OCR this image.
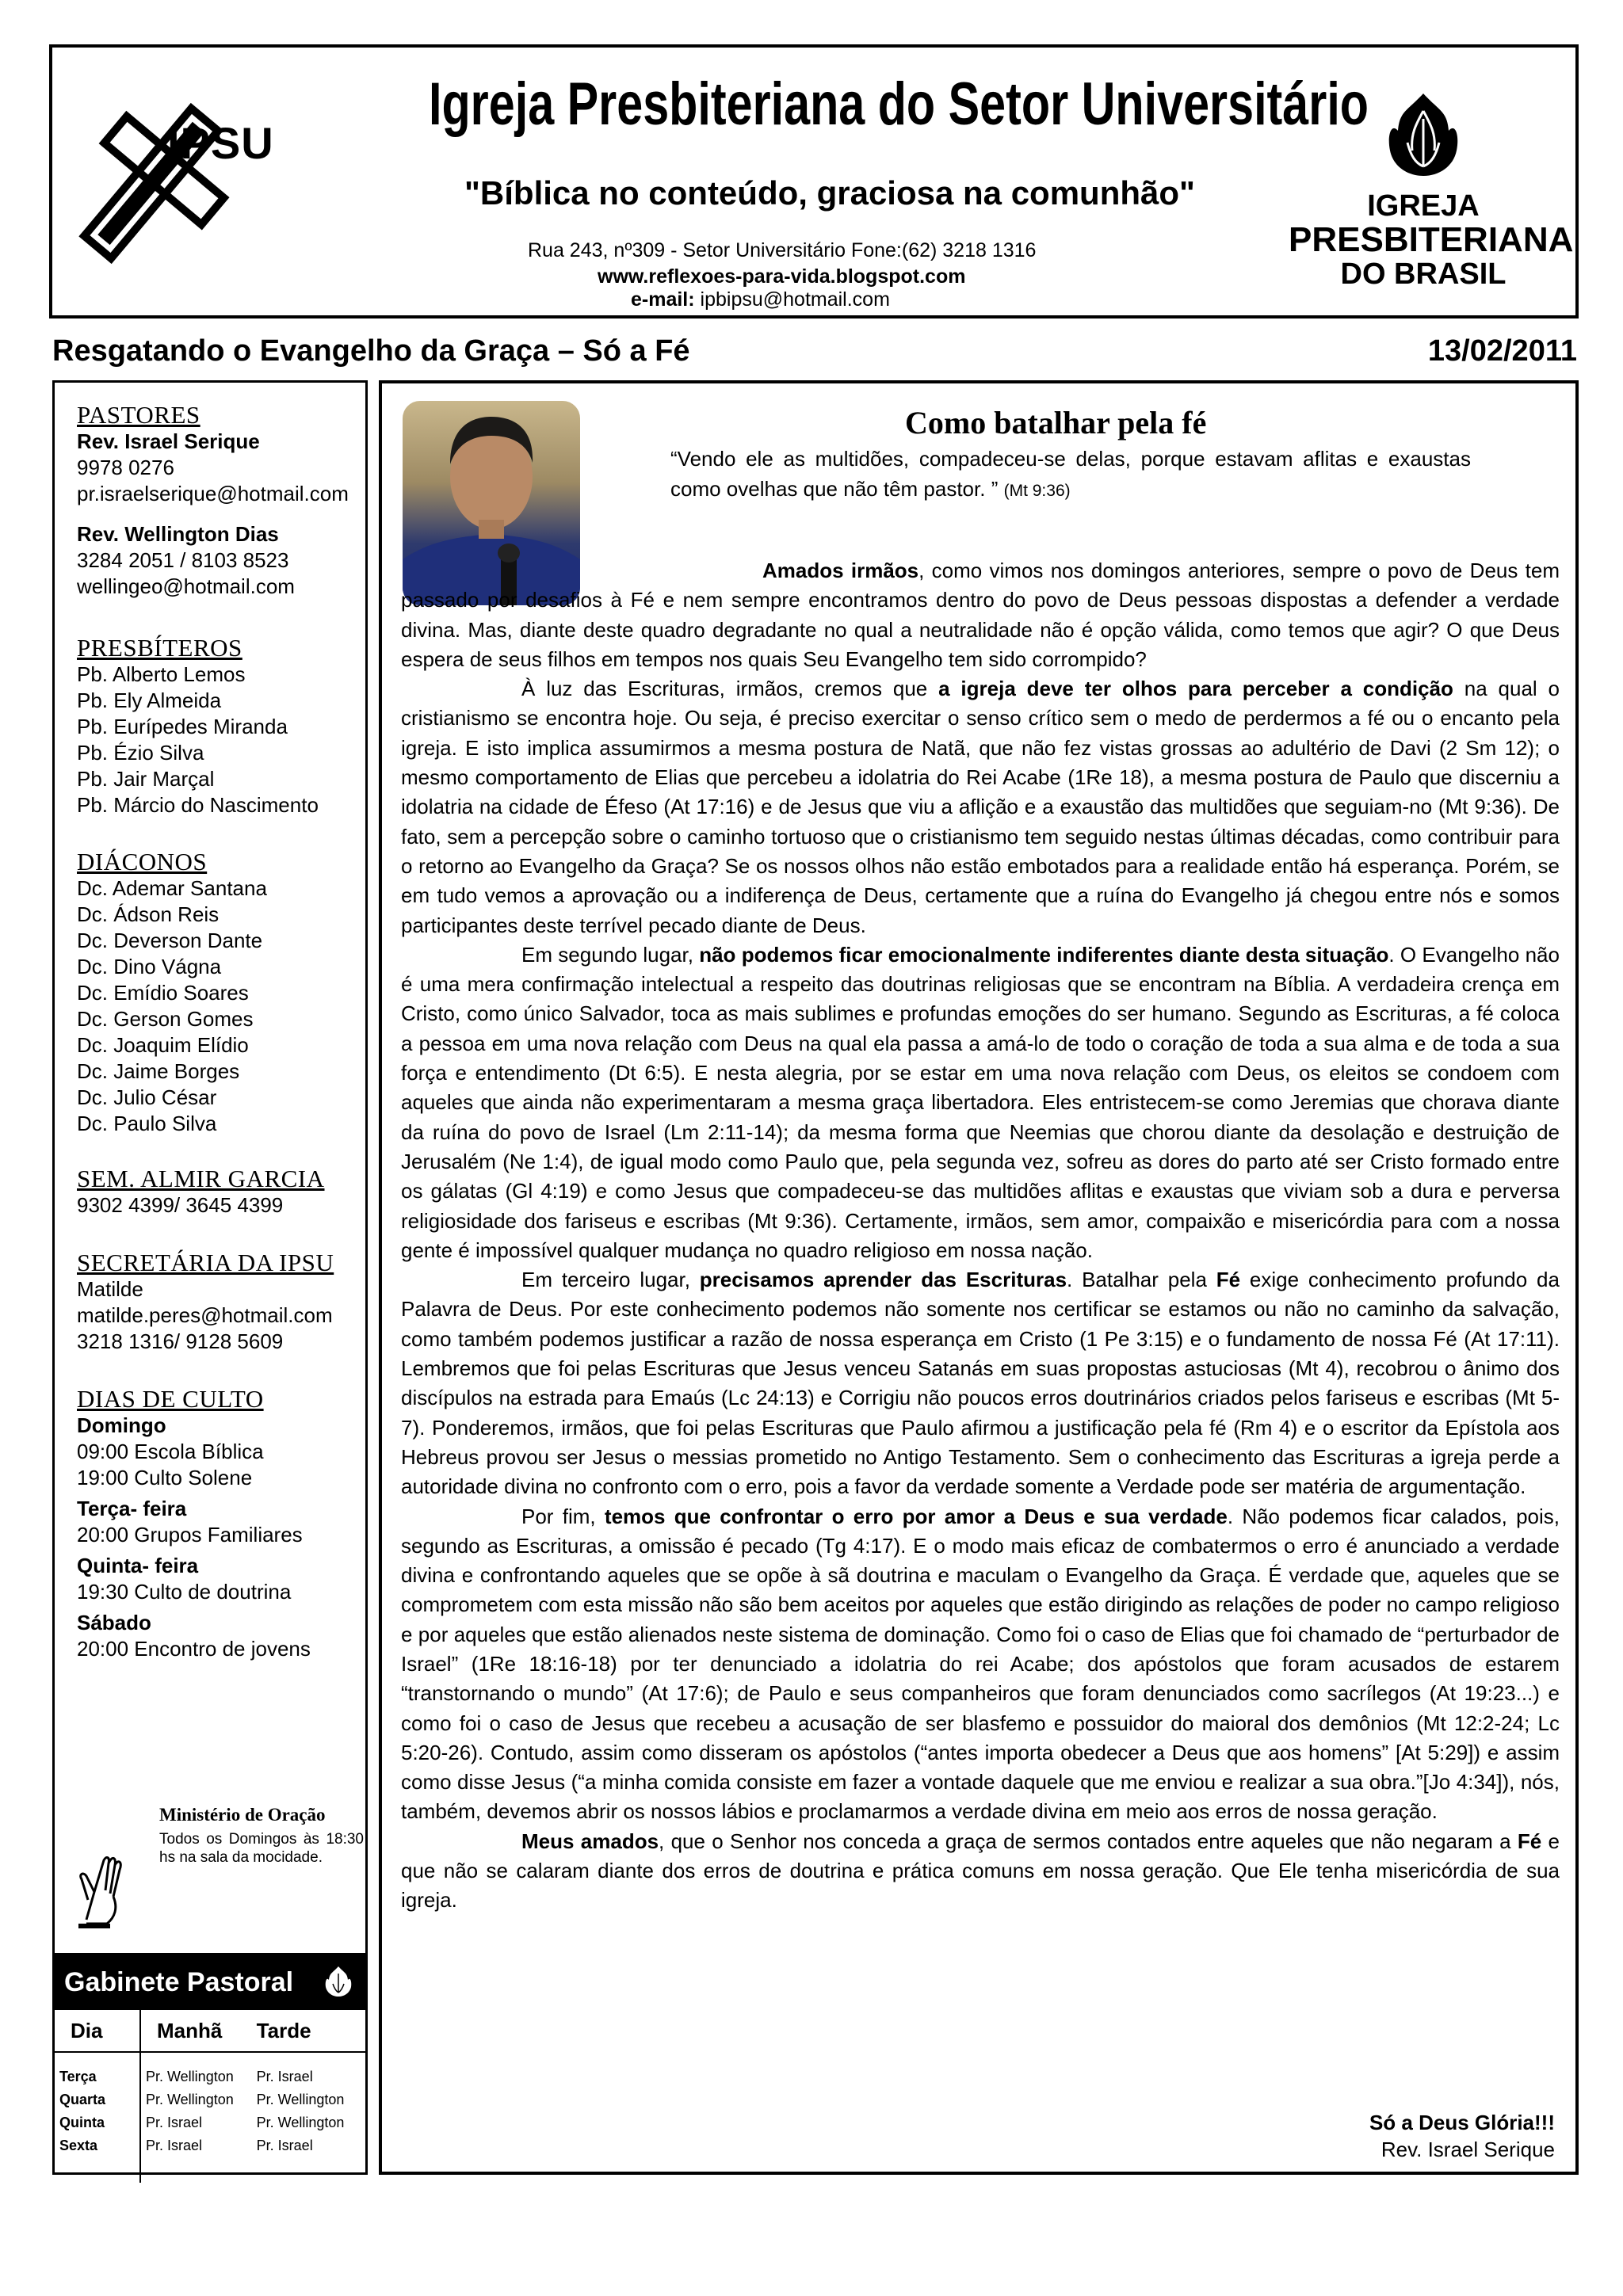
IPSU
Igreja Presbiteriana do Setor Universitário
"Bíblica no conteúdo, graciosa na comunhão"
Rua 243, nº309 - Setor Universitário Fone:(62) 3218 1316
www.reflexoes-para-vida.blogspot.com
e-mail: ipbipsu@hotmail.com
IGREJA
PRESBITERIANA
DO BRASIL
Resgatando o Evangelho da Graça – Só a Fé	13/02/2011

PASTORES

Rev. Israel Serique

9978 0276

pr.israelserique@hotmail.com

Rev. Wellington Dias

3284 2051 / 8103 8523

wellingeo@hotmail.com

PRESBÍTEROS

Pb. Alberto Lemos

Pb. Ely Almeida

Pb. Eurípedes Miranda

Pb. Ézio Silva

Pb. Jair Marçal

Pb. Márcio do Nascimento

DIÁCONOS

Dc. Ademar Santana

Dc. Ádson Reis

Dc. Deverson Dante

Dc. Dino Vágna

Dc. Emídio Soares

Dc. Gerson Gomes

Dc. Joaquim Elídio

Dc. Jaime Borges

Dc. Julio César

Dc. Paulo Silva

SEM. ALMIR GARCIA

9302 4399/ 3645 4399

SECRETÁRIA DA IPSU

Matilde

matilde.peres@hotmail.com

3218 1316/ 9128 5609

DIAS DE CULTO

Domingo

09:00 Escola Bíblica

19:00 Culto Solene

Terça- feira

20:00 Grupos Familiares

Quinta- feira

19:30 Culto de doutrina

Sábado

20:00 Encontro de jovens

Ministério de Oração
Todos os Domingos às 18:30 hs na sala da mocidade.
Gabinete Pastoral
Dia	Manhã	Tarde

Terça	Pr. Wellington	Pr. Israel
Quarta	Pr. Wellington	Pr. Wellington
Quinta	Pr. Israel	Pr. Wellington
Sexta	Pr. Israel	Pr. Israel

Como batalhar pela fé
“Vendo ele as multidões, compadeceu-se delas, porque estavam aflitas e exaustas como ovelhas que não têm pastor. ” (Mt 9:36)

Amados irmãos, como vimos nos domingos anteriores, sempre o povo de Deus tem passado por desafios à Fé e nem sempre encontramos dentro do povo de Deus pessoas dispostas a defender a verdade divina. Mas, diante deste quadro degradante no qual a neutralidade não é opção válida, como temos que agir? O que Deus espera de seus filhos em tempos nos quais Seu Evangelho tem sido corrompido?

À luz das Escrituras, irmãos, cremos que a igreja deve ter olhos para perceber a condição na qual o cristianismo se encontra hoje. Ou seja, é preciso exercitar o senso crítico sem o medo de perdermos a fé ou o encanto pela igreja. E isto implica assumirmos a mesma postura de Natã, que não fez vistas grossas ao adultério de Davi (2 Sm 12); o mesmo comportamento de Elias que percebeu a idolatria do Rei Acabe (1Re 18), a mesma postura de Paulo que discerniu a idolatria na cidade de Éfeso (At 17:16) e de Jesus que viu a aflição e a exaustão das multidões que seguiam-no (Mt 9:36). De fato, sem a percepção sobre o caminho tortuoso que o cristianismo tem seguido nestas últimas décadas, como contribuir para o retorno ao Evangelho da Graça? Se os nossos olhos não estão embotados para a realidade então há esperança. Porém, se em tudo vemos a aprovação ou a indiferença de Deus, certamente que a ruína do Evangelho já chegou entre nós e somos participantes deste terrível pecado diante de Deus.

Em segundo lugar, não podemos ficar emocionalmente indiferentes diante desta situação. O Evangelho não é uma mera confirmação intelectual a respeito das doutrinas religiosas que se encontram na Bíblia. A verdadeira crença em Cristo, como único Salvador, toca as mais sublimes e profundas emoções do ser humano. Segundo as Escrituras, a fé coloca a pessoa em uma nova relação com Deus na qual ela passa a amá-lo de todo o coração de toda a sua alma e de toda a sua força e entendimento (Dt 6:5). E nesta alegria, por se estar em uma nova relação com Deus, os eleitos se condoem com aqueles que ainda não experimentaram a mesma graça libertadora. Eles entristecem-se como Jeremias que chorava diante da ruína do povo de Israel (Lm 2:11-14); da mesma forma que Neemias que chorou diante da desolação e destruição de Jerusalém (Ne 1:4), de igual modo como Paulo que, pela segunda vez, sofreu as dores do parto até ser Cristo formado entre os gálatas (Gl 4:19) e como Jesus que compadeceu-se das multidões aflitas e exaustas que viviam sob a dura e perversa religiosidade dos fariseus e escribas (Mt 9:36). Certamente, irmãos, sem amor, compaixão e misericórdia para com a nossa gente é impossível qualquer mudança no quadro religioso em nossa nação.

Em terceiro lugar, precisamos aprender das Escrituras. Batalhar pela Fé exige conhecimento profundo da Palavra de Deus. Por este conhecimento podemos não somente nos certificar se estamos ou não no caminho da salvação, como também podemos justificar a razão de nossa esperança em Cristo (1 Pe 3:15) e o fundamento de nossa Fé (At 17:11). Lembremos que foi pelas Escrituras que Jesus venceu Satanás em suas propostas astuciosas (Mt 4), recobrou o ânimo dos discípulos na estrada para Emaús (Lc 24:13) e Corrigiu não poucos erros doutrinários criados pelos fariseus e escribas (Mt 5-7). Ponderemos, irmãos, que foi pelas Escrituras que Paulo afirmou a justificação pela fé (Rm 4) e o escritor da Epístola aos Hebreus provou ser Jesus o messias prometido no Antigo Testamento. Sem o conhecimento das Escrituras a igreja perde a autoridade divina no confronto com o erro, pois a favor da verdade somente a Verdade pode ser matéria de argumentação.

Por fim, temos que confrontar o erro por amor a Deus e sua verdade. Não podemos ficar calados, pois, segundo as Escrituras, a omissão é pecado (Tg 4:17). E o modo mais eficaz de combatermos o erro é anunciado a verdade divina e confrontando aqueles que se opõe à sã doutrina e maculam o Evangelho da Graça. É verdade que, aqueles que se comprometem com esta missão não são bem aceitos por aqueles que estão dirigindo as relações de poder no campo religioso e por aqueles que estão alienados neste sistema de dominação. Como foi o caso de Elias que foi chamado de “perturbador de Israel” (1Re 18:16-18) por ter denunciado a idolatria do rei Acabe; dos apóstolos que foram acusados de estarem “transtornando o mundo” (At 17:6); de Paulo e seus companheiros que foram denunciados como sacrílegos (At 19:23...) e como foi o caso de Jesus que recebeu a acusação de ser blasfemo e possuidor do maioral dos demônios (Mt 12:2-24; Lc 5:20-26). Contudo, assim como disseram os apóstolos (“antes importa obedecer a Deus que aos homens” [At 5:29]) e assim como disse Jesus (“a minha comida consiste em fazer a vontade daquele que me enviou e realizar a sua obra.”[Jo 4:34]), nós, também, devemos abrir os nossos lábios e proclamarmos a verdade divina em meio aos erros de nossa geração.

Meus amados, que o Senhor nos conceda a graça de sermos contados entre aqueles que não negaram a Fé e que não se calaram diante dos erros de doutrina e prática comuns em nossa geração. Que Ele tenha misericórdia de sua igreja.

Só a Deus Glória!!!
Rev. Israel Serique
